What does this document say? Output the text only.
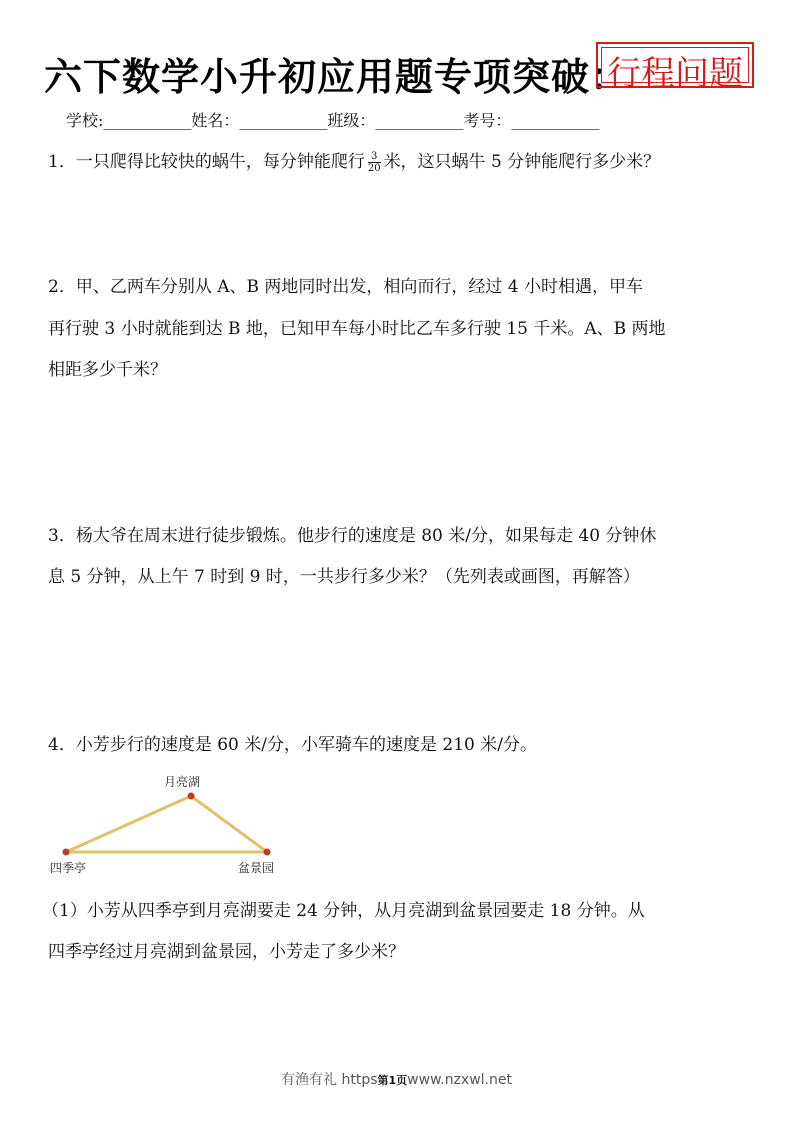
六下数学小升初应用题专项突破：
行程问题
学校:___________姓名：___________班级：___________考号：___________
1．一只爬得比较快的蜗牛，每分钟能爬行 $\frac{3}{20}$ 米，这只蜗牛 5 分钟能爬行多少米？
2．甲、乙两车分别从 A、B 两地同时出发，相向而行，经过 4 小时相遇，甲车
再行驶 3 小时就能到达 B 地，已知甲车每小时比乙车多行驶 15 千米。A、B 两地
相距多少千米？
3．杨大爷在周末进行徒步锻炼。他步行的速度是 80 米/分，如果每走 40 分钟休
息 5 分钟，从上午 7 时到 9 时，一共步行多少米？（先列表或画图，再解答）
4．小芳步行的速度是 60 米/分，小军骑车的速度是 210 米/分。
月亮湖
四季亭	盆景园
（1）小芳从四季亭到月亮湖要走 24 分钟，从月亮湖到盆景园要走 18 分钟。从
四季亭经过月亮湖到盆景园，小芳走了多少米？
有渔有礼 https第1页www.nzxwl.net
